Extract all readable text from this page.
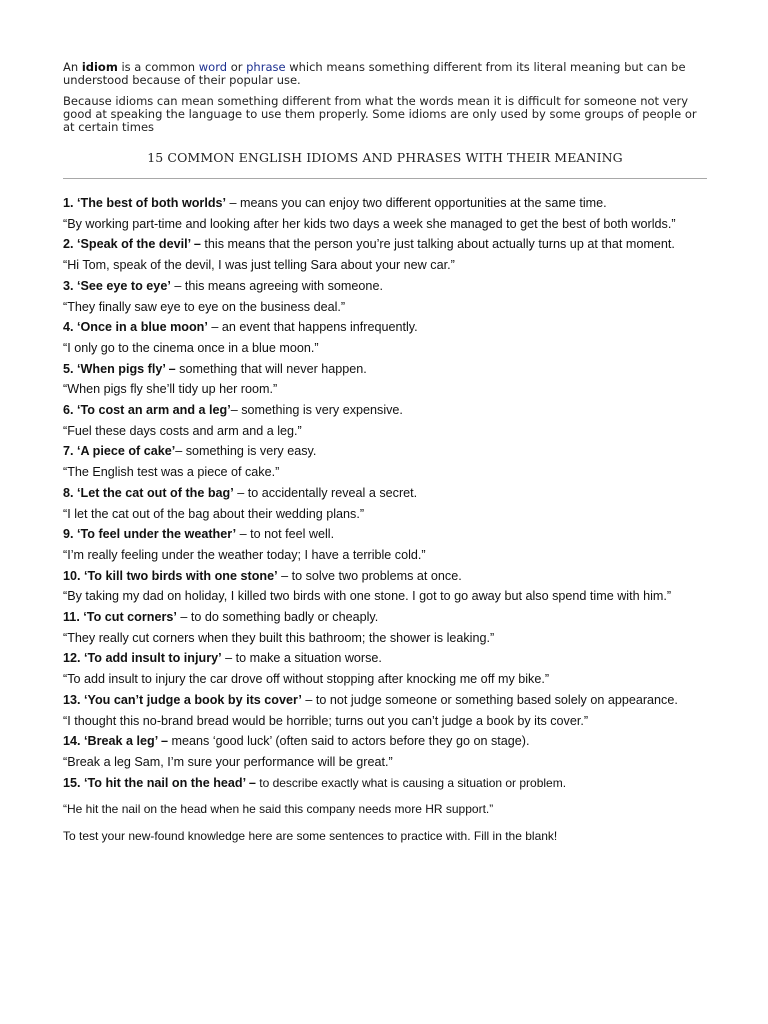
An idiom is a common word or phrase which means something different from its literal meaning but can be understood because of their popular use.
Because idioms can mean something different from what the words mean it is difficult for someone not very good at speaking the language to use them properly. Some idioms are only used by some groups of people or at certain times
15 COMMON ENGLISH IDIOMS AND PHRASES WITH THEIR MEANING

1. ‘The best of both worlds’ – means you can enjoy two different opportunities at the same time.

“By working part-time and looking after her kids two days a week she managed to get the best of both worlds.”

2. ‘Speak of the devil’ – this means that the person you’re just talking about actually turns up at that moment.

“Hi Tom, speak of the devil, I was just telling Sara about your new car.”

3. ‘See eye to eye’ – this means agreeing with someone.

“They finally saw eye to eye on the business deal.”

4. ‘Once in a blue moon’ – an event that happens infrequently.

“I only go to the cinema once in a blue moon.”

5. ‘When pigs fly’ – something that will never happen.

“When pigs fly she’ll tidy up her room.”

6. ‘To cost an arm and a leg’– something is very expensive.

“Fuel these days costs and arm and a leg.”

7. ‘A piece of cake’– something is very easy.

“The English test was a piece of cake.”

8. ‘Let the cat out of the bag’ – to accidentally reveal a secret.

“I let the cat out of the bag about their wedding plans.”

9. ‘To feel under the weather’ – to not feel well.

“I’m really feeling under the weather today; I have a terrible cold.”

10. ‘To kill two birds with one stone’ – to solve two problems at once.

“By taking my dad on holiday, I killed two birds with one stone. I got to go away but also spend time with him.”

11. ‘To cut corners’ – to do something badly or cheaply.

“They really cut corners when they built this bathroom; the shower is leaking.”

12. ‘To add insult to injury’ – to make a situation worse.

“To add insult to injury the car drove off without stopping after knocking me off my bike.”

13. ‘You can’t judge a book by its cover’ – to not judge someone or something based solely on appearance.

“I thought this no-brand bread would be horrible; turns out you can’t judge a book by its cover.”

14. ‘Break a leg’ – means ‘good luck’ (often said to actors before they go on stage).

“Break a leg Sam, I’m sure your performance will be great.”

15. ‘To hit the nail on the head’ – to describe exactly what is causing a situation or problem.

“He hit the nail on the head when he said this company needs more HR support.”

To test your new-found knowledge here are some sentences to practice with. Fill in the blank!
